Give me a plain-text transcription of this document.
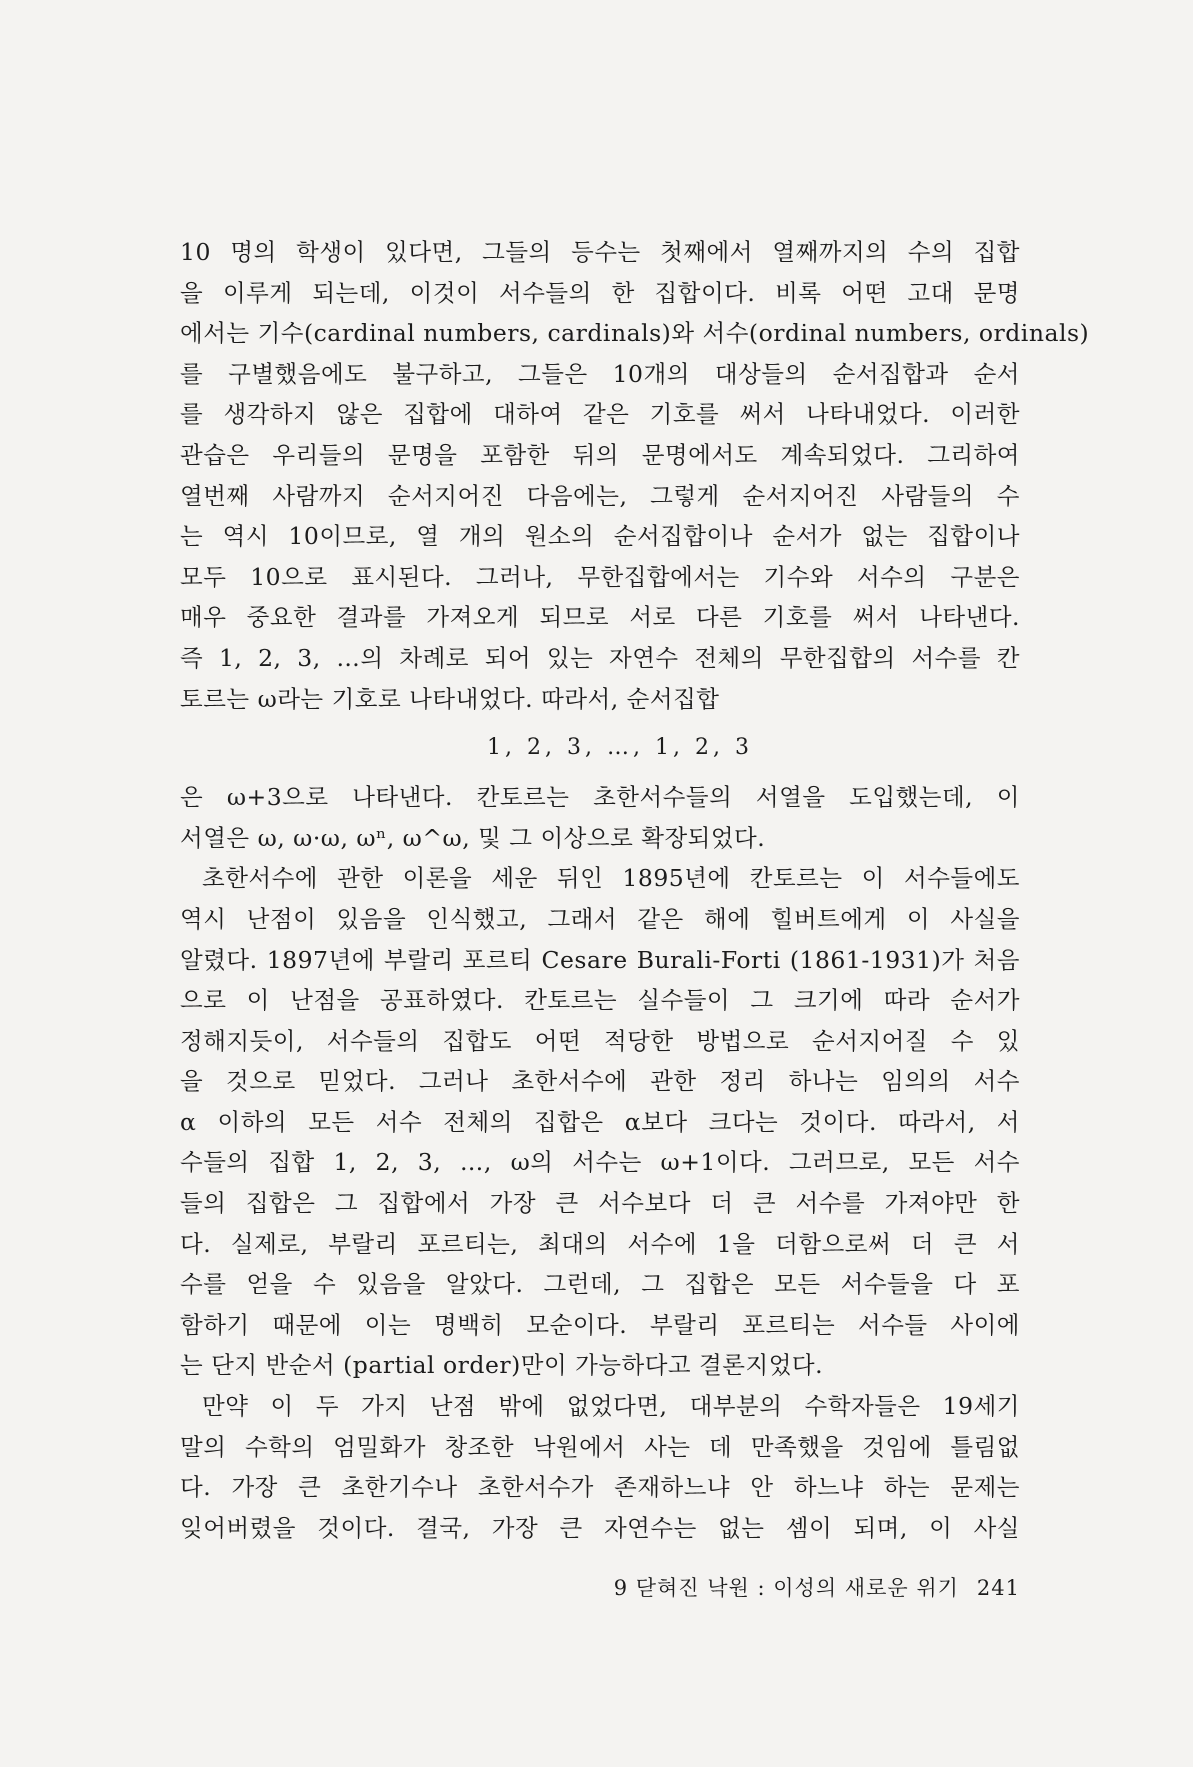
10 명의 학생이 있다면, 그들의 등수는 첫째에서 열째까지의 수의 집합
을 이루게 되는데, 이것이 서수들의 한 집합이다. 비록 어떤 고대 문명
에서는 기수(cardinal numbers, cardinals)와 서수(ordinal numbers, ordinals)
를 구별했음에도 불구하고, 그들은 10개의 대상들의 순서집합과 순서
를 생각하지 않은 집합에 대하여 같은 기호를 써서 나타내었다. 이러한
관습은 우리들의 문명을 포함한 뒤의 문명에서도 계속되었다. 그리하여
열번째 사람까지 순서지어진 다음에는, 그렇게 순서지어진 사람들의 수
는 역시 10이므로, 열 개의 원소의 순서집합이나 순서가 없는 집합이나
모두 10으로 표시된다. 그러나, 무한집합에서는 기수와 서수의 구분은
매우 중요한 결과를 가져오게 되므로 서로 다른 기호를 써서 나타낸다.
즉 1, 2, 3, …의 차례로 되어 있는 자연수 전체의 무한집합의 서수를 칸
토르는 ω라는 기호로 나타내었다. 따라서, 순서집합
1, 2, 3, …, 1, 2, 3
은 ω+3으로 나타낸다. 칸토르는 초한서수들의 서열을 도입했는데, 이
서열은 ω, ω·ω, ωⁿ, ω^ω, 및 그 이상으로 확장되었다.
초한서수에 관한 이론을 세운 뒤인 1895년에 칸토르는 이 서수들에도
역시 난점이 있음을 인식했고, 그래서 같은 해에 힐버트에게 이 사실을
알렸다. 1897년에 부랄리 포르티 Cesare Burali-Forti (1861-1931)가 처음
으로 이 난점을 공표하였다. 칸토르는 실수들이 그 크기에 따라 순서가
정해지듯이, 서수들의 집합도 어떤 적당한 방법으로 순서지어질 수 있
을 것으로 믿었다. 그러나 초한서수에 관한 정리 하나는 임의의 서수
α 이하의 모든 서수 전체의 집합은 α보다 크다는 것이다. 따라서, 서
수들의 집합 1, 2, 3, …, ω의 서수는 ω+1이다. 그러므로, 모든 서수
들의 집합은 그 집합에서 가장 큰 서수보다 더 큰 서수를 가져야만 한
다. 실제로, 부랄리 포르티는, 최대의 서수에 1을 더함으로써 더 큰 서
수를 얻을 수 있음을 알았다. 그런데, 그 집합은 모든 서수들을 다 포
함하기 때문에 이는 명백히 모순이다. 부랄리 포르티는 서수들 사이에
는 단지 반순서 (partial order)만이 가능하다고 결론지었다.
만약 이 두 가지 난점 밖에 없었다면, 대부분의 수학자들은 19세기
말의 수학의 엄밀화가 창조한 낙원에서 사는 데 만족했을 것임에 틀림없
다. 가장 큰 초한기수나 초한서수가 존재하느냐 안 하느냐 하는 문제는
잊어버렸을 것이다. 결국, 가장 큰 자연수는 없는 셈이 되며, 이 사실
9 닫혀진 낙원 : 이성의 새로운 위기 241
